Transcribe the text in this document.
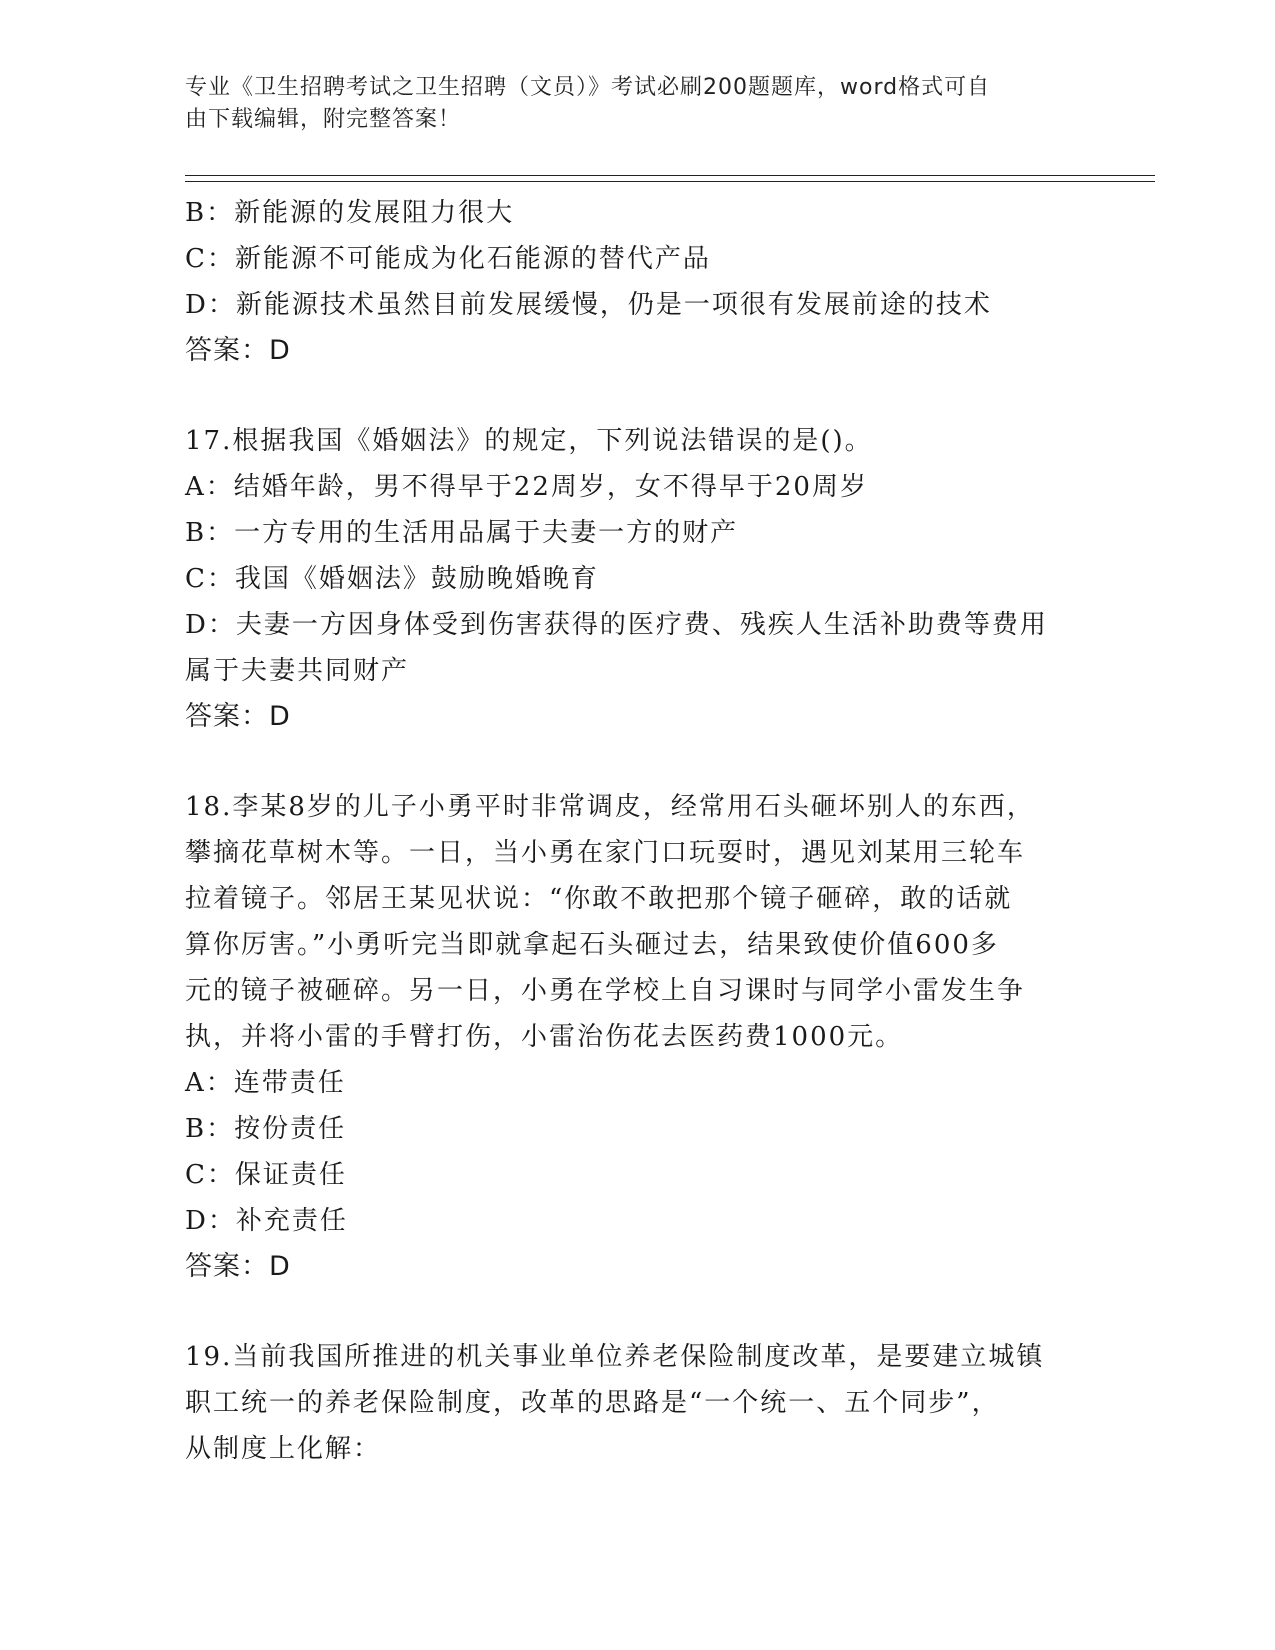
专业《卫生招聘考试之卫生招聘（文员）》考试必刷200题题库，word格式可自
由下载编辑，附完整答案！
B：新能源的发展阻力很大
C：新能源不可能成为化石能源的替代产品
D：新能源技术虽然目前发展缓慢，仍是一项很有发展前途的技术
答案：D
17.根据我国《婚姻法》的规定，下列说法错误的是()。
A：结婚年龄，男不得早于22周岁，女不得早于20周岁
B：一方专用的生活用品属于夫妻一方的财产
C：我国《婚姻法》鼓励晚婚晚育
D：夫妻一方因身体受到伤害获得的医疗费、残疾人生活补助费等费用
属于夫妻共同财产
答案：D
18.李某8岁的儿子小勇平时非常调皮，经常用石头砸坏别人的东西，
攀摘花草树木等。一日，当小勇在家门口玩耍时，遇见刘某用三轮车
拉着镜子。邻居王某见状说：“你敢不敢把那个镜子砸碎，敢的话就
算你厉害。”小勇听完当即就拿起石头砸过去，结果致使价值600多
元的镜子被砸碎。另一日，小勇在学校上自习课时与同学小雷发生争
执，并将小雷的手臂打伤，小雷治伤花去医药费1000元。
A：连带责任
B：按份责任
C：保证责任
D：补充责任
答案：D
19.当前我国所推进的机关事业单位养老保险制度改革，是要建立城镇
职工统一的养老保险制度，改革的思路是“一个统一、五个同步”，
从制度上化解：
